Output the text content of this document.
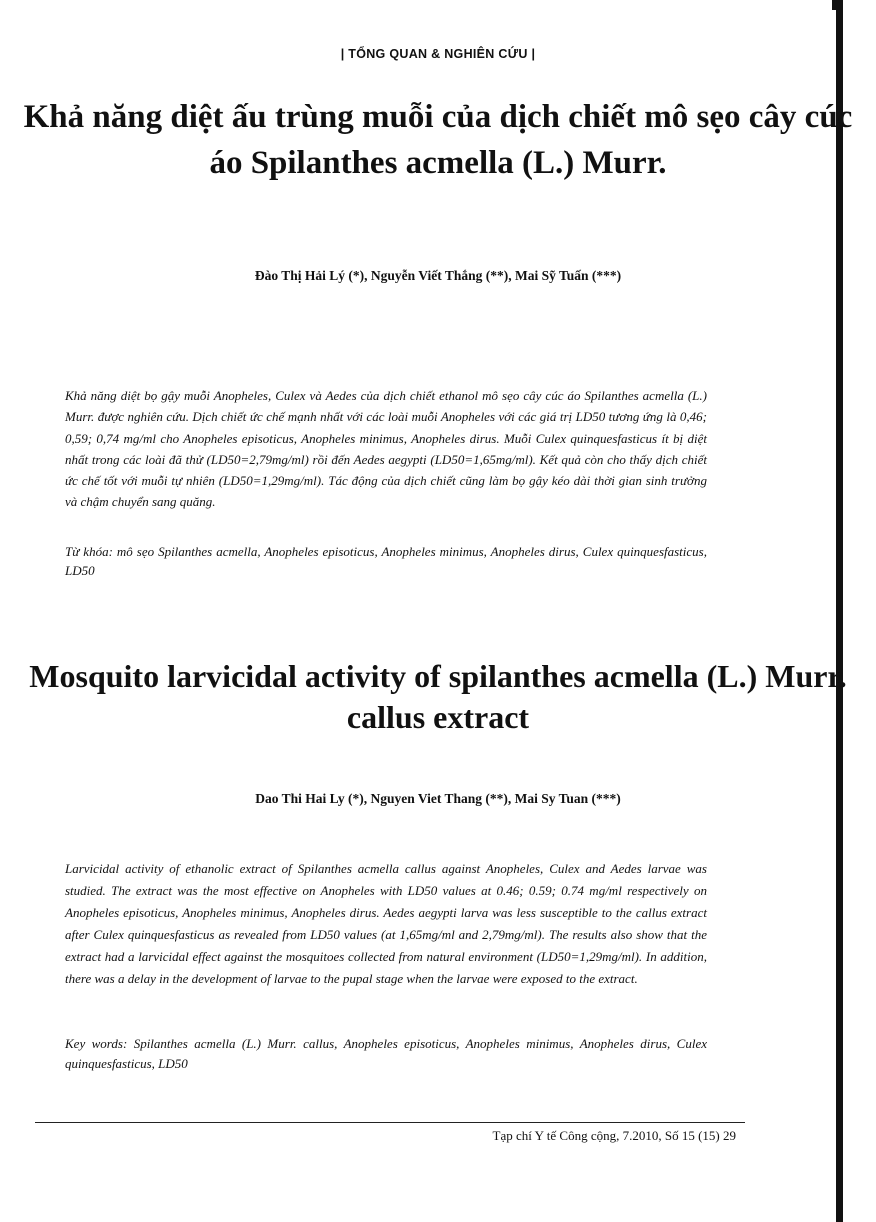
| TỔNG QUAN & NGHIÊN CỨU |
Khả năng diệt ấu trùng muỗi của dịch chiết mô sẹo cây cúc áo Spilanthes acmella (L.) Murr.
Đào Thị Hải Lý (*), Nguyễn Viết Thắng (**), Mai Sỹ Tuấn (***)

Khả năng diệt bọ gậy muỗi Anopheles, Culex và Aedes của dịch chiết ethanol mô sẹo cây cúc áo Spilanthes acmella (L.) Murr. được nghiên cứu. Dịch chiết ức chế mạnh nhất với các loài muỗi Anopheles với các giá trị LD50 tương ứng là 0,46; 0,59; 0,74 mg/ml cho Anopheles episoticus, Anopheles minimus, Anopheles dirus. Muỗi Culex quinquesfasticus ít bị diệt nhất trong các loài đã thử (LD50=2,79mg/ml) rồi đến Aedes aegypti (LD50=1,65mg/ml). Kết quả còn cho thấy dịch chiết ức chế tốt với muỗi tự nhiên (LD50=1,29mg/ml). Tác động của dịch chiết cũng làm bọ gậy kéo dài thời gian sinh trưởng và chậm chuyển sang quăng.

Từ khóa: mô sẹo Spilanthes acmella, Anopheles episoticus, Anopheles minimus, Anopheles dirus, Culex quinquesfasticus, LD50

Mosquito larvicidal activity of spilanthes acmella (L.) Murr. callus extract
Dao Thi Hai Ly (*), Nguyen Viet Thang (**), Mai Sy Tuan (***)

Larvicidal activity of ethanolic extract of Spilanthes acmella callus against Anopheles, Culex and Aedes larvae was studied. The extract was the most effective on Anopheles with LD50 values at 0.46; 0.59; 0.74 mg/ml respectively on Anopheles episoticus, Anopheles minimus, Anopheles dirus. Aedes aegypti larva was less susceptible to the callus extract after Culex quinquesfasticus as revealed from LD50 values (at 1,65mg/ml and 2,79mg/ml). The results also show that the extract had a larvicidal effect against the mosquitoes collected from natural environment (LD50=1,29mg/ml). In addition, there was a delay in the development of larvae to the pupal stage when the larvae were exposed to the extract.

Key words: Spilanthes acmella (L.) Murr. callus, Anopheles episoticus, Anopheles minimus, Anopheles dirus, Culex quinquesfasticus, LD50

Tạp chí Y tế Công cộng, 7.2010, Số 15 (15) 29
